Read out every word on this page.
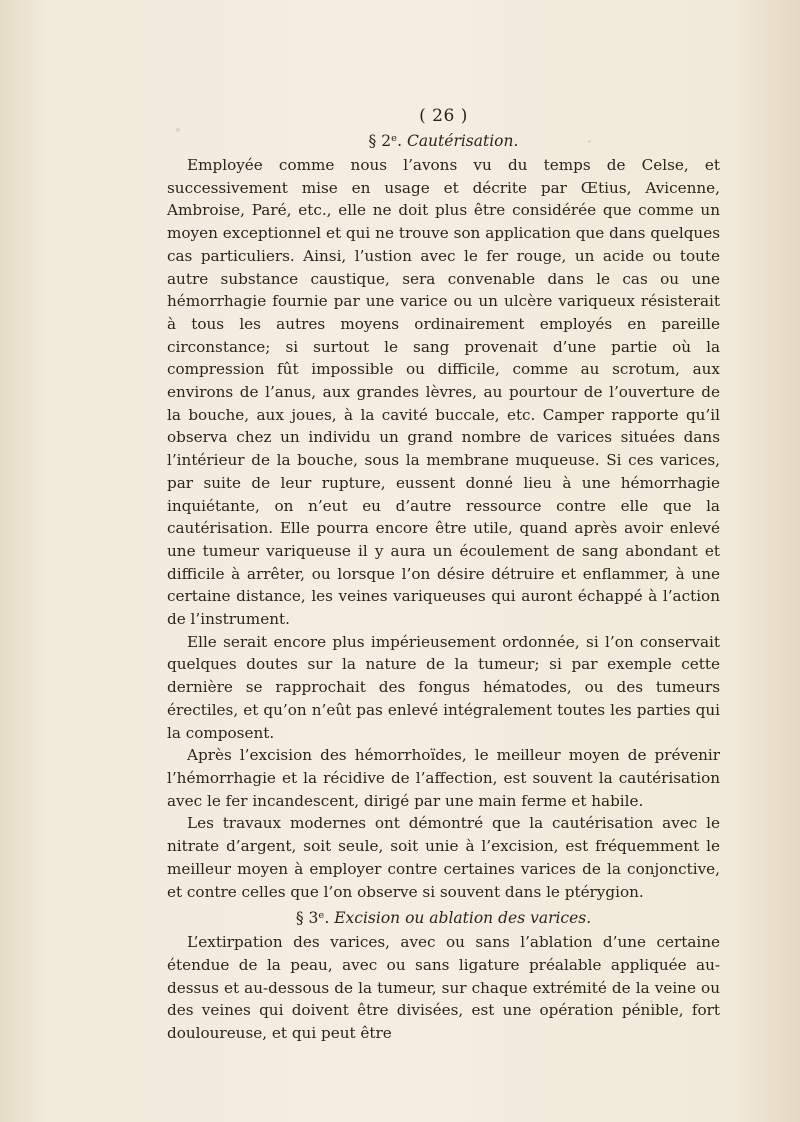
( 26 )
§ 2ᵉ. Cautérisation.

Employée comme nous l’avons vu du temps de Celse, et successivement mise en usage et décrite par Œtius, Avicenne, Ambroise, Paré, etc., elle ne doit plus être considérée que comme un moyen exceptionnel et qui ne trouve son application que dans quelques cas particuliers. Ainsi, l’ustion avec le fer rouge, un acide ou toute autre substance caustique, sera convenable dans le cas ou une hémorrhagie fournie par une varice ou un ulcère variqueux résisterait à tous les autres moyens ordinairement employés en pareille circonstance; si surtout le sang provenait d’une partie où la compression fût impossible ou difficile, comme au scrotum, aux environs de l’anus, aux grandes lèvres, au pourtour de l’ouverture de la bouche, aux joues, à la cavité buccale, etc. Camper rapporte qu’il observa chez un individu un grand nombre de varices situées dans l’intérieur de la bouche, sous la membrane muqueuse. Si ces varices, par suite de leur rupture, eussent donné lieu à une hémorrhagie inquiétante, on n’eut eu d’autre ressource contre elle que la cautérisation. Elle pourra encore être utile, quand après avoir enlevé une tumeur variqueuse il y aura un écoulement de sang abondant et difficile à arrêter, ou lorsque l’on désire détruire et enflammer, à une certaine distance, les veines variqueuses qui auront échappé à l’action de l’instrument.

Elle serait encore plus impérieusement ordonnée, si l’on conservait quelques doutes sur la nature de la tumeur; si par exemple cette dernière se rapprochait des fongus hématodes, ou des tumeurs érectiles, et qu’on n’eût pas enlevé intégralement toutes les parties qui la composent.

Après l’excision des hémorrhoïdes, le meilleur moyen de prévenir l’hémorrhagie et la récidive de l’affection, est souvent la cautérisation avec le fer incandescent, dirigé par une main ferme et habile.

Les travaux modernes ont démontré que la cautérisation avec le nitrate d’argent, soit seule, soit unie à l’excision, est fréquemment le meilleur moyen à employer contre certaines varices de la conjonctive, et contre celles que l’on observe si souvent dans le ptérygion.

§ 3ᵉ. Excision ou ablation des varices.

L’extirpation des varices, avec ou sans l’ablation d’une certaine étendue de la peau, avec ou sans ligature préalable appliquée au-dessus et au-dessous de la tumeur, sur chaque extrémité de la veine ou des veines qui doivent être divisées, est une opération pénible, fort douloureuse, et qui peut être
